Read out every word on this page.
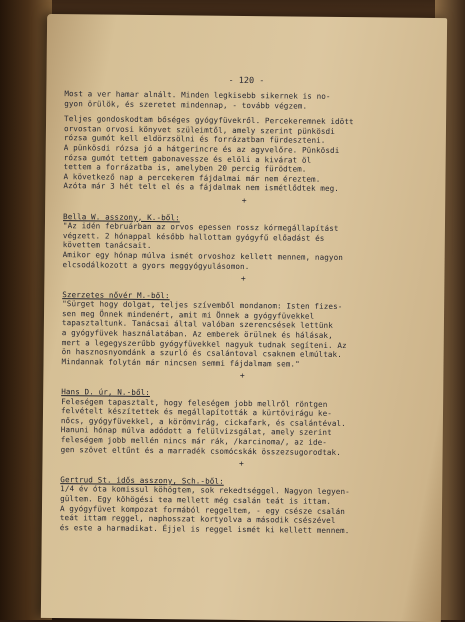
- 120 -
Most a ver hamar alnált. Minden legkisebb sikernek is no-
gyon örülök, és szeretet mindennap, - tovább végzem.
Teljes gondoskodtam bőséges gyógyfüvekről. Percekeremnek idött
orvostan orvosi könyvet szüleimtől, amely szerint pünkösdi
rózsa gumót kell eldörzsölni és forrázatban fürdeszteni.
A pünkösdi rózsa jó a hátgerincre és az agyvelőre. Pünkösdi
rózsa gumót tettem gabonavessze és elöli a kivárat öl
tettem a forrázatba is, amelyben 20 percig fürödtem.
A következő nap a percekerem fájdalmai már nem éreztem.
Azóta már 3 hét telt el és a fájdalmak nem ismétlődtek meg.
+
Bella W. asszony, K.-ből:
"Az idén februárban az orvos epessen rossz kórmegállapítást
végzett. 2 hónappal később hallottam gyógyfű előadást és
követtem tanácsait.
Amikor egy hónap múlva ismét orvoshoz kellett mennem, nagyon
elcsodálkozott a gyors meggyógyulásomon.
+
Szerzetes nővér M.-ből:
"Sürget hogy dolgat, teljes szívemből mondanom: Isten fizes-
sen meg Önnek mindenért, amit mi Önnek a gyógyfüvekkel
tapasztaltunk. Tanácsai által valóban szerencsések lettünk
a gyógyfüvek használatában. Az emberek örülnek és hálásak,
mert a legegyszerűbb gyógyfüvekkel nagyuk tudnak segíteni. Az
ön hasznosnyomdánk a szurló és csalántoval csaknem elmúltak.
Mindannak folytán már nincsen semmi fájdalmam sem."
+
Hans D. úr, N.-ből:
Feleségem tapasztalt, hogy feleségem jobb mellről röntgen
felvételt készítettek és megállapították a kürtövirágu ke-
nőcs, gyógyfüvekkel, a körömvirág, cickafark, és csalántéval.
Hanuni hónap múlva adódott a felülvizsgálat, amely szerint
feleségem jobb mellén nincs már rák, /karcinoma/, az ide-
gen szövet eltűnt és a marradék csomócskák összezsugorodtak.
+
Gertrud St. idős asszony, Sch.-ből:
1/4 év óta komissul köhögtem, sok rekedtséggel. Nagyon legyen-
gültem. Egy köhögési tea mellett még csalán teát is ittam.
A gyógyfüvet kompozat formából reggeltem, - egy csésze csalán
teát ittam reggel, naphosszat kortyolva a második csészével
és este a harmadikat. Éjjel is reggel ismét ki kellett mennem.
